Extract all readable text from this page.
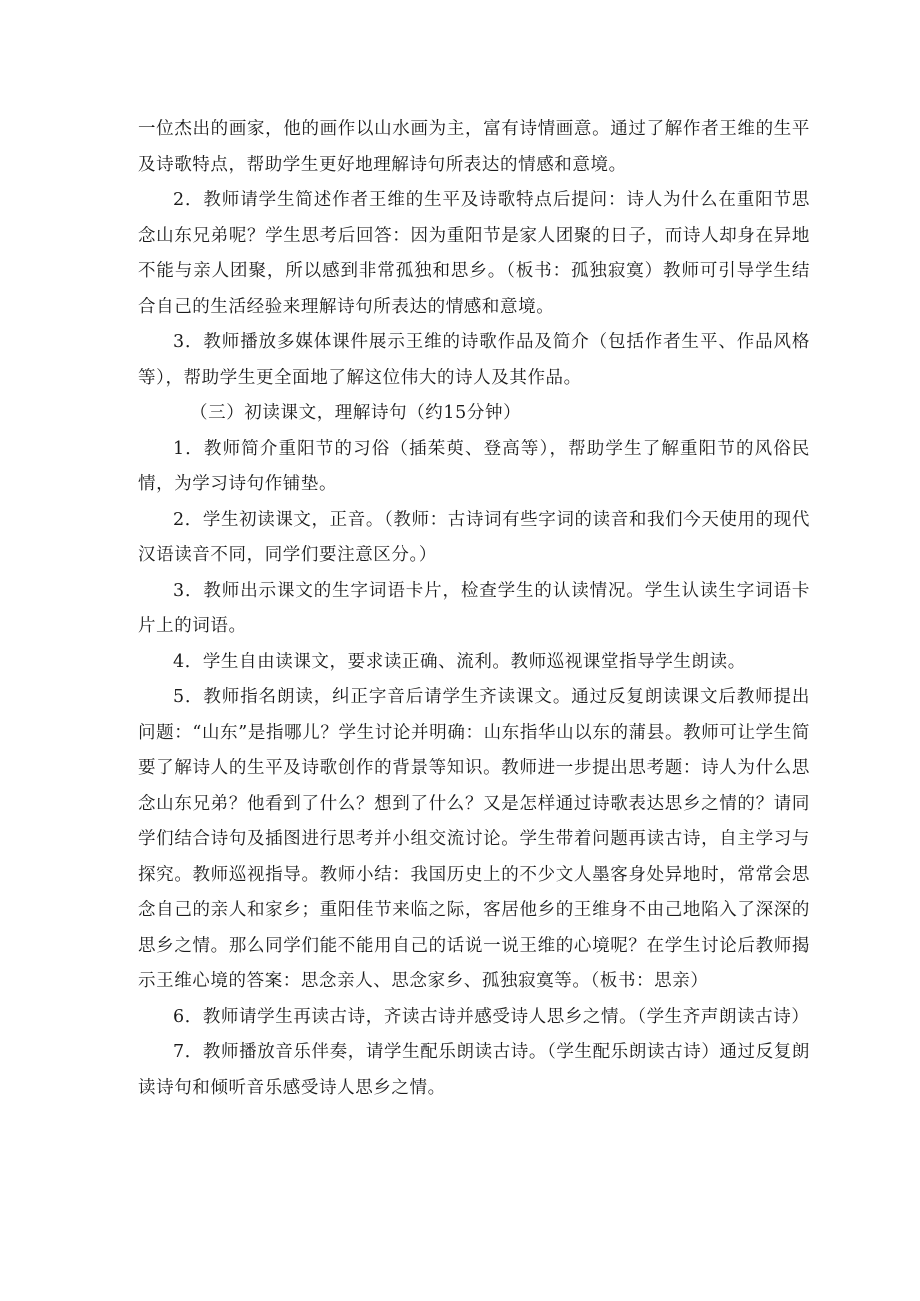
一位杰出的画家，他的画作以山水画为主，富有诗情画意。通过了解作者王维的生平及诗歌特点，帮助学生更好地理解诗句所表达的情感和意境。

2．教师请学生简述作者王维的生平及诗歌特点后提问：诗人为什么在重阳节思念山东兄弟呢？学生思考后回答：因为重阳节是家人团聚的日子，而诗人却身在异地不能与亲人团聚，所以感到非常孤独和思乡。（板书：孤独寂寞）教师可引导学生结合自己的生活经验来理解诗句所表达的情感和意境。

3．教师播放多媒体课件展示王维的诗歌作品及简介（包括作者生平、作品风格等），帮助学生更全面地了解这位伟大的诗人及其作品。

（三）初读课文，理解诗句（约15分钟）

1．教师简介重阳节的习俗（插茱萸、登高等），帮助学生了解重阳节的风俗民情，为学习诗句作铺垫。

2．学生初读课文，正音。（教师：古诗词有些字词的读音和我们今天使用的现代汉语读音不同，同学们要注意区分。）

3．教师出示课文的生字词语卡片，检查学生的认读情况。学生认读生字词语卡片上的词语。

4．学生自由读课文，要求读正确、流利。教师巡视课堂指导学生朗读。

5．教师指名朗读，纠正字音后请学生齐读课文。通过反复朗读课文后教师提出问题：“山东”是指哪儿？学生讨论并明确：山东指华山以东的蒲县。教师可让学生简要了解诗人的生平及诗歌创作的背景等知识。教师进一步提出思考题：诗人为什么思念山东兄弟？他看到了什么？想到了什么？又是怎样通过诗歌表达思乡之情的？请同学们结合诗句及插图进行思考并小组交流讨论。学生带着问题再读古诗，自主学习与探究。教师巡视指导。教师小结：我国历史上的不少文人墨客身处异地时，常常会思念自己的亲人和家乡；重阳佳节来临之际，客居他乡的王维身不由己地陷入了深深的思乡之情。那么同学们能不能用自己的话说一说王维的心境呢？在学生讨论后教师揭示王维心境的答案：思念亲人、思念家乡、孤独寂寞等。（板书：思亲）

6．教师请学生再读古诗，齐读古诗并感受诗人思乡之情。（学生齐声朗读古诗）

7．教师播放音乐伴奏，请学生配乐朗读古诗。（学生配乐朗读古诗）通过反复朗读诗句和倾听音乐感受诗人思乡之情。
